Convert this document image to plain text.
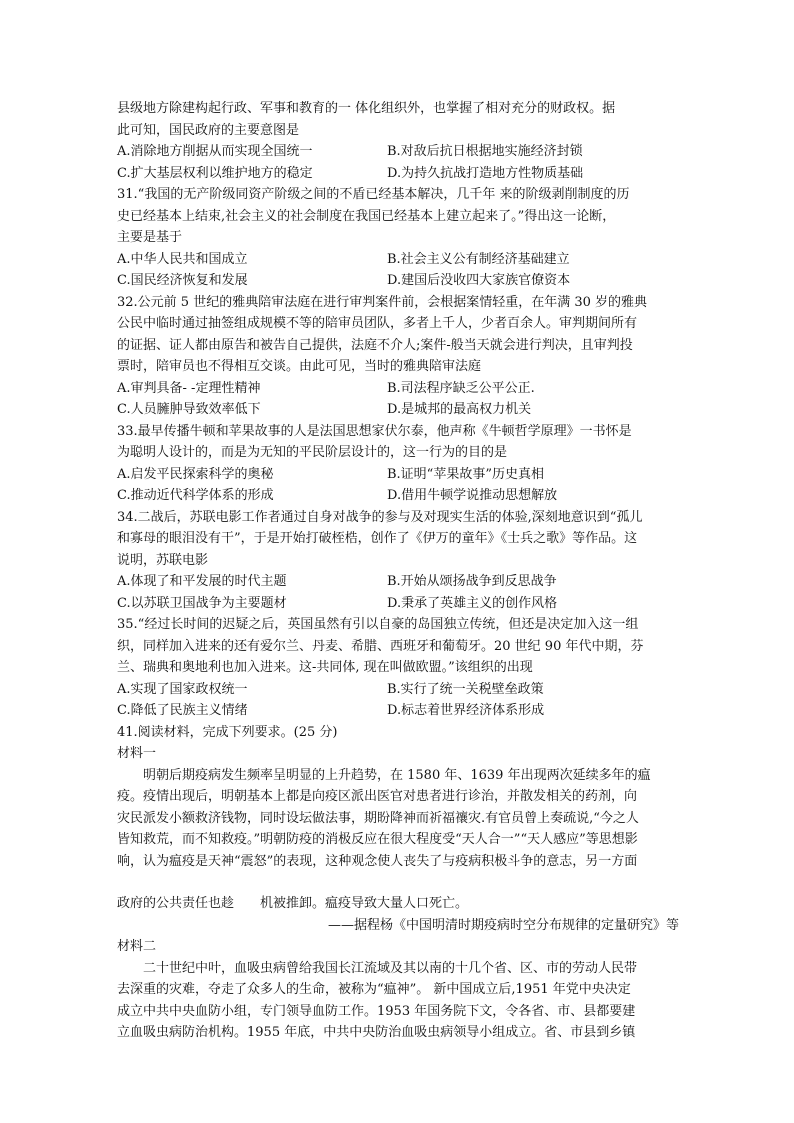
县级地方除建构起行政、军事和教育的一 体化组织外，也掌握了相对充分的财政权。据
此可知，国民政府的主要意图是
A.消除地方削据从而实现全国统一	B.对敌后抗日根据地实施经济封锁
C.扩大基层权利以维护地方的稳定	D.为持久抗战打造地方性物质基础
31.“我国的无产阶级同资产阶级之间的不盾已经基本解决，几千年 来的阶级剥削制度的历
史已经基本上结束,社会主义的社会制度在我国已经基本上建立起来了。”得出这一论断，
主要是基于
A.中华人民共和国成立	B.社会主义公有制经济基础建立
C.国民经济恢复和发展	D.建国后没收四大家族官僚资本
32.公元前 5 世纪的雅典陪审法庭在进行审判案件前，会根据案情轻重，在年满 30 岁的雅典
公民中临时通过抽签组成规模不等的陪审员团队，多者上千人，少者百余人。审判期间所有
的证据、证人都由原告和被告自己提供，法庭不介人;案件-般当天就会进行判决，且审判投
票时，陪审员也不得相互交谈。由此可见，当时的雅典陪审法庭
A.审判具备- -定理性精神	B.司法程序缺乏公平公正.
C.人员臃肿导致效率低下	D.是城邦的最高权力机关
33.最早传播牛顿和苹果故事的人是法国思想家伏尔泰，他声称《牛顿哲学原理》一书怀是
为聪明人设计的，而是为无知的平民阶层设计的，这一行为的目的是
A.启发平民探索科学的奥秘	B.证明“苹果故事”历史真相
C.推动近代科学体系的形成	D.借用牛顿学说推动思想解放
34.二战后，苏联电影工作者通过自身对战争的参与及对现实生活的体验,深刻地意识到“孤儿
和寡母的眼泪没有干”，于是开始打破桎梏，创作了《伊万的童年》《士兵之歌》等作品。这
说明，苏联电影
A.体现了和平发展的时代主题	B.开始从颂扬战争到反思战争
C.以苏联卫国战争为主要题材	D.秉承了英雄主义的创作风格
35.“经过长时间的迟疑之后，英国虽然有引以自豪的岛国独立传统，但还是决定加入这一组
织，同样加入进来的还有爱尔兰、丹麦、希腊、西班牙和葡萄牙。20 世纪 90 年代中期，芬
兰、瑞典和奥地利也加入进来。这-共同体, 现在叫做欧盟。”该组织的出现
A.实现了国家政权统一	B.实行了统一关税壁垒政策
C.降低了民族主义情绪	D.标志着世界经济体系形成
41.阅读材料，完成下列要求。(25 分)
材料一
明朝后期疫病发生频率呈明显的上升趋势，在 1580 年、1639 年出现两次延续多年的瘟
疫。疫情出现后，明朝基本上都是向疫区派出医官对患者进行诊治，并散发相关的药剂，向
灾民派发小额救济钱物，同时设坛做法事，期盼降神而祈福禳灾.有官员曾上奏疏说,“今之人
皆知救荒，而不知救疫。”明朝防疫的消极反应在很大程度受“天人合一”“天人感应”等思想影
响，认为瘟疫是天神“震怒”的表现，这种观念使人丧失了与疫病积极斗争的意志，另一方面
政府的公共责任也趁　　机被推卸。瘟疫导致大量人口死亡。
——据程杨《中国明清时期疫病时空分布规律的定量研究》等
材料二
二十世纪中叶，血吸虫病曾给我国长江流域及其以南的十几个省、区、市的劳动人民带
去深重的灾难，夺走了众多人的生命，被称为“瘟神”。 新中国成立后,1951 年党中央决定
成立中共中央血防小组，专门领导血防工作。1953 年国务院下文，令各省、市、县都要建
立血吸虫病防治机构。1955 年底，中共中央防治血吸虫病领导小组成立。省、市县到乡镇
